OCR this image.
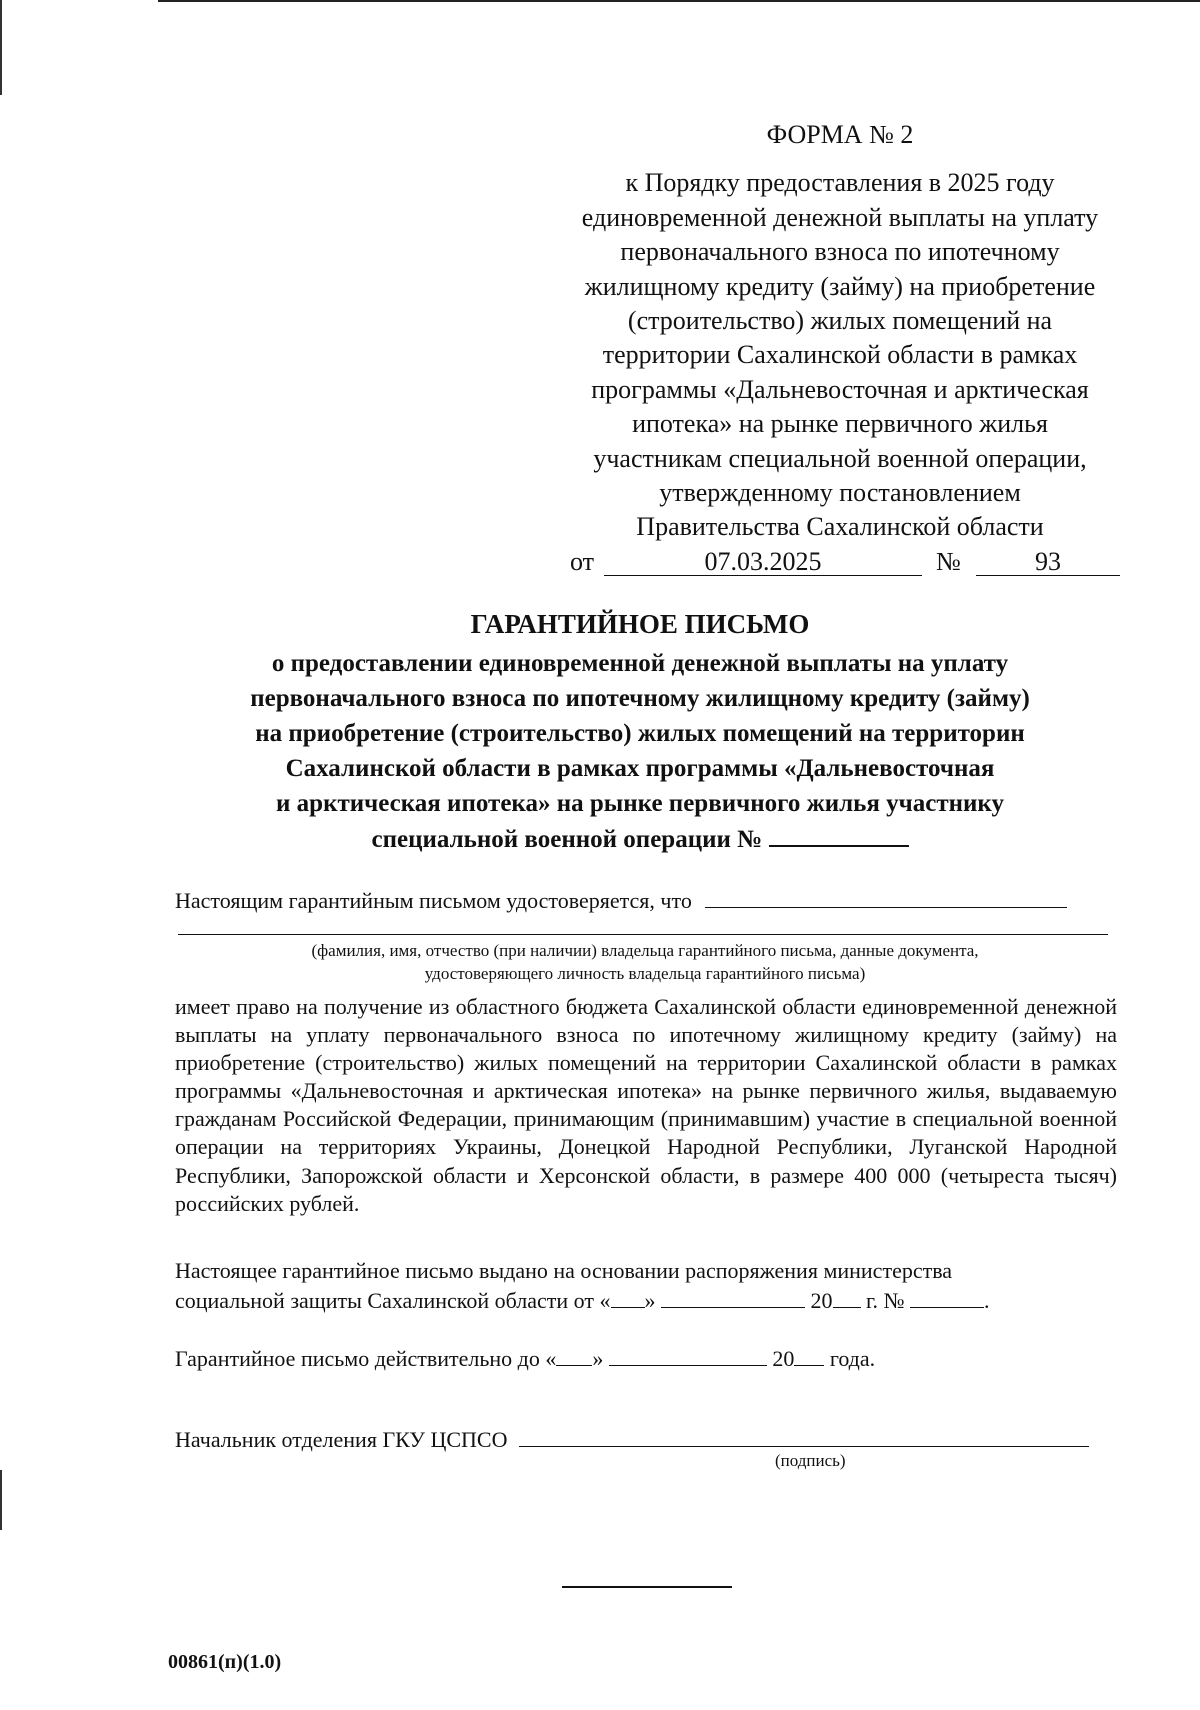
ФОРМА № 2
к Порядку предоставления в 2025 году
единовременной денежной выплаты на уплату
первоначального взноса по ипотечному
жилищному кредиту (займу) на приобретение
(строительство) жилых помещений на
территории Сахалинской области в рамках
программы «Дальневосточная и арктическая
ипотека» на рынке первичного жилья
участникам специальной военной операции,
утвержденному постановлением
Правительства Сахалинской области
от	07.03.2025	№	93
ГАРАНТИЙНОЕ ПИСЬМО
о предоставлении единовременной денежной выплаты на уплату
первоначального взноса по ипотечному жилищному кредиту (займу)
на приобретение (строительство) жилых помещений на территорин
Сахалинской области в рамках программы «Дальневосточная
и арктическая ипотека» на рынке первичного жилья участнику
специальной военной операции №
Настоящим гарантийным письмом удостоверяется, что
(фамилия, имя, отчество (при наличии) владельца гарантийного письма, данные документа,
удостоверяющего личность владельца гарантийного письма)
имеет право на получение из областного бюджета Сахалинской области единовременной денежной выплаты на уплату первоначального взноса по ипотечному жилищному кредиту (займу) на приобретение (строительство) жилых помещений на территории Сахалинской области в рамках программы «Дальневосточная и арктическая ипотека» на рынке первичного жилья, выдаваемую гражданам Российской Федерации, принимающим (принимавшим) участие в специальной военной операции на территориях Украины, Донецкой Народной Республики, Луганской Народной Республики, Запорожской области и Херсонской области, в размере 400 000 (четыреста тысяч) российских рублей.
Настоящее гарантийное письмо выдано на основании распоряжения министерства
социальной защиты Сахалинской области от « »	20 г. №	.
Гарантийное письмо действительно до « »	20 года.
Начальник отделения ГКУ ЦСПСО
(подпись)
00861(п)(1.0)
